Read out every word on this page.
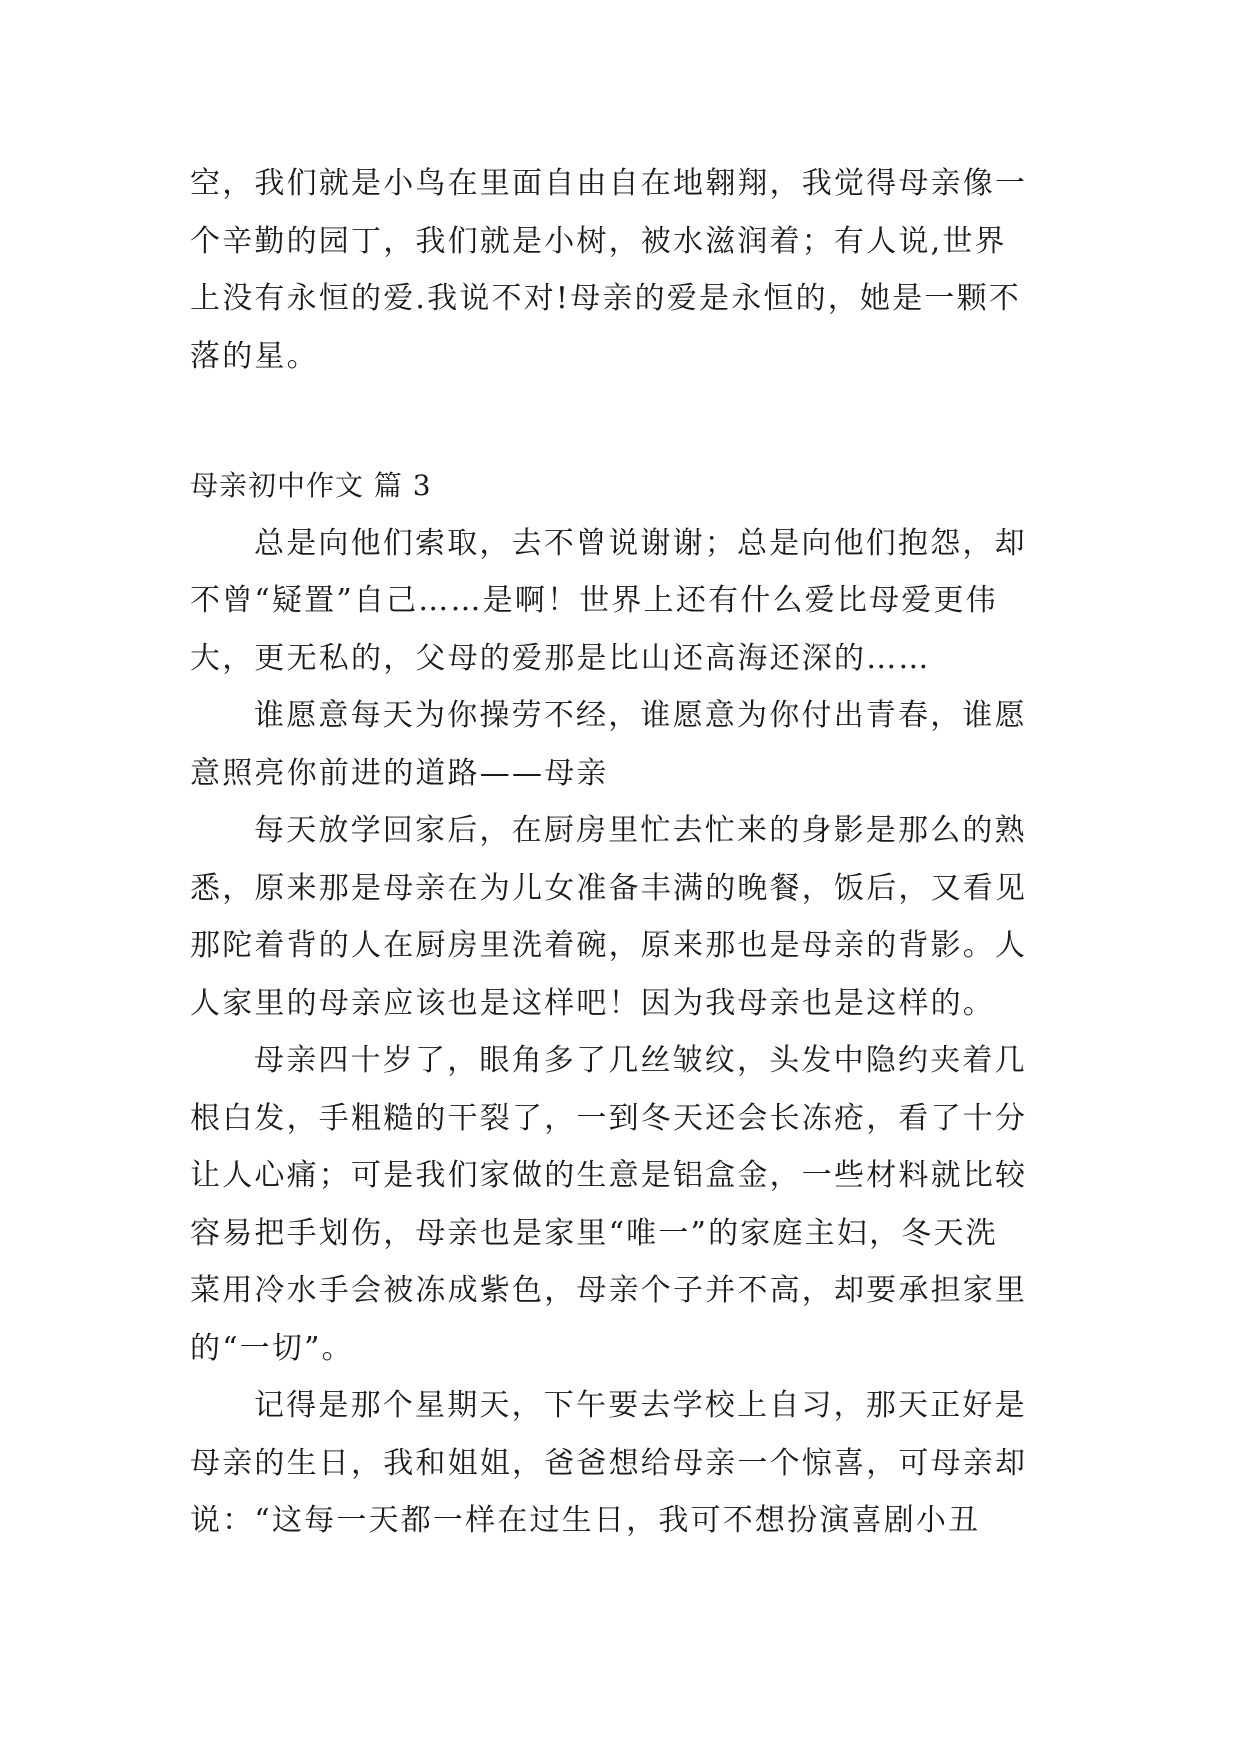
空，我们就是小鸟在里面自由自在地翱翔，我觉得母亲像一
个辛勤的园丁，我们就是小树，被水滋润着；有人说,世界
上没有永恒的爱.我说不对!母亲的爱是永恒的，她是一颗不
落的星。
母亲初中作文 篇 3
总是向他们索取，去不曾说谢谢；总是向他们抱怨，却
不曾“疑置”自己……是啊！世界上还有什么爱比母爱更伟
大，更无私的，父母的爱那是比山还高海还深的……
谁愿意每天为你操劳不经，谁愿意为你付出青春，谁愿
意照亮你前进的道路——母亲
每天放学回家后，在厨房里忙去忙来的身影是那么的熟
悉，原来那是母亲在为儿女准备丰满的晚餐，饭后，又看见
那陀着背的人在厨房里洗着碗，原来那也是母亲的背影。人
人家里的母亲应该也是这样吧！因为我母亲也是这样的。
母亲四十岁了，眼角多了几丝皱纹，头发中隐约夹着几
根白发，手粗糙的干裂了，一到冬天还会长冻疮，看了十分
让人心痛；可是我们家做的生意是铝盒金，一些材料就比较
容易把手划伤，母亲也是家里“唯一”的家庭主妇，冬天洗
菜用冷水手会被冻成紫色，母亲个子并不高，却要承担家里
的“一切”。
记得是那个星期天，下午要去学校上自习，那天正好是
母亲的生日，我和姐姐，爸爸想给母亲一个惊喜，可母亲却
说：“这每一天都一样在过生日，我可不想扮演喜剧小丑
